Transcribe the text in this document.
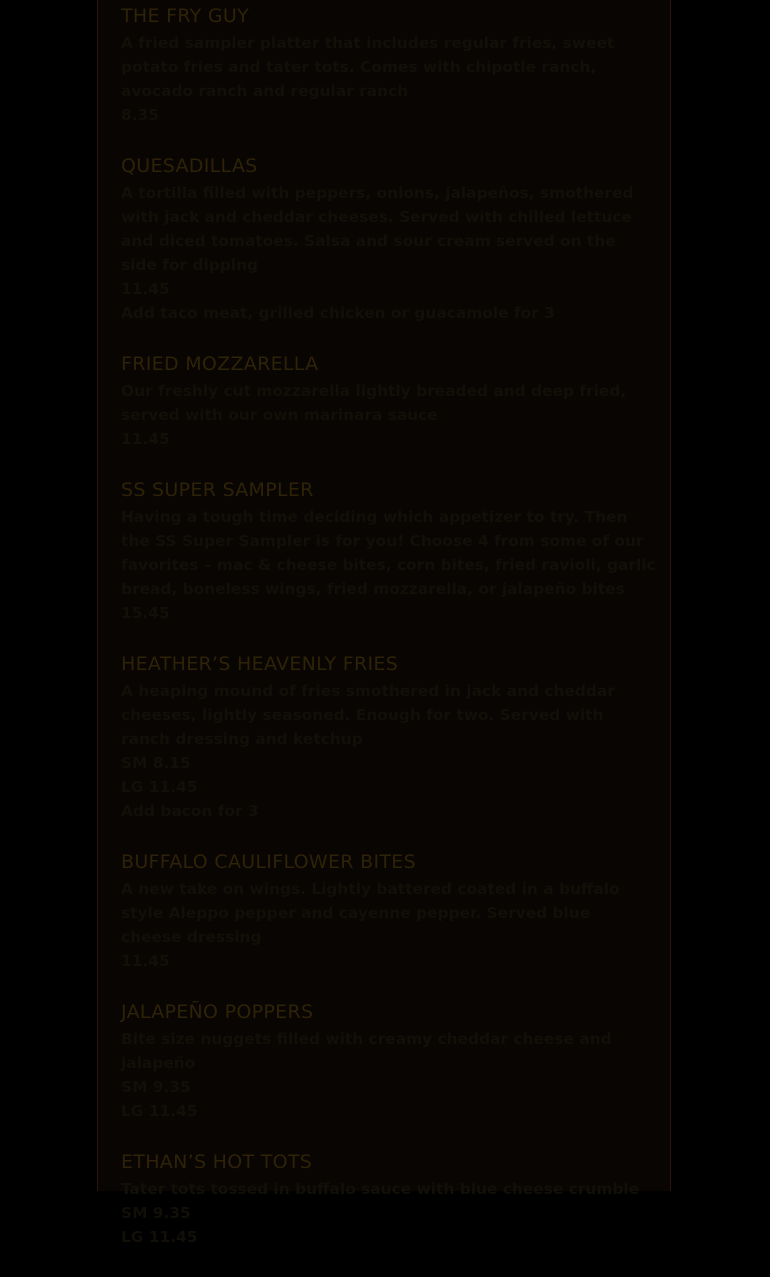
THE FRY GUY

A fried sampler platter that includes regular fries, sweet potato fries and tater tots. Comes with chipotle ranch, avocado ranch and regular ranch

8.35

QUESADILLAS

A tortilla filled with peppers, onions, jalapeños, smothered with jack and cheddar cheeses. Served with chilled lettuce and diced tomatoes. Salsa and sour cream served on the side for dipping

11.45

Add taco meat, grilled chicken or guacamole for 3

FRIED MOZZARELLA

Our freshly cut mozzarella lightly breaded and deep fried, served with our own marinara sauce

11.45

SS SUPER SAMPLER

Having a tough time deciding which appetizer to try. Then the SS Super Sampler is for you! Choose 4 from some of our favorites – mac & cheese bites, corn bites, fried ravioli, garlic bread, boneless wings, fried mozzarella, or jalapeño bites

15.45

HEATHER’S HEAVENLY FRIES

A heaping mound of fries smothered in jack and cheddar cheeses, lightly seasoned. Enough for two. Served with ranch dressing and ketchup

SM 8.15

LG 11.45

Add bacon for 3

BUFFALO CAULIFLOWER BITES

A new take on wings. Lightly battered coated in a buffalo style Aleppo pepper and cayenne pepper. Served blue cheese dressing

11.45

JALAPEÑO POPPERS

Bite size nuggets filled with creamy cheddar cheese and jalapeño

SM 9.35

LG 11.45

ETHAN’S HOT TOTS

Tater tots tossed in buffalo sauce with blue cheese crumble

SM 9.35

LG 11.45
